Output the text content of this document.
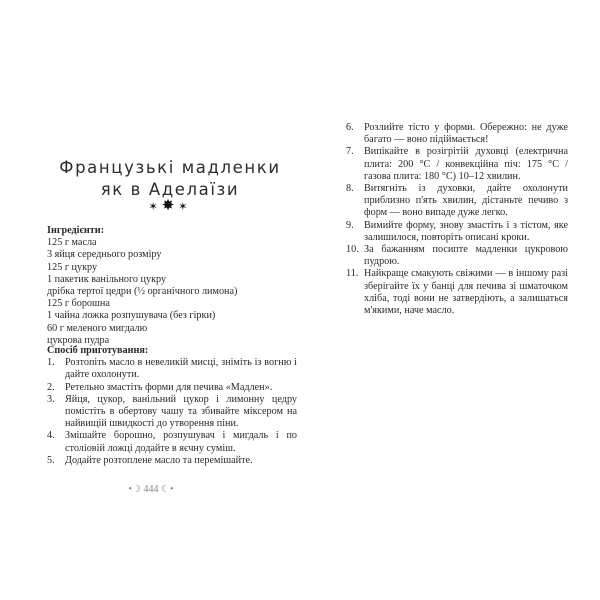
Французькі мадленки
як в Аделаїзи
✶✸✶
Інгредієнти:
125 г масла
3 яйця середнього розміру
125 г цукру
1 пакетик ванільного цукру
дрібка тертої цедри (½ органічного лимона)
125 г борошна
1 чайна ложка розпушувача (без гірки)
60 г меленого мигдалю
цукрова пудра
Спосіб приготування:
1.	Розтопіть масло в невеликій мисці, зніміть із вогню і дайте охолонути.
2.	Ретельно змастіть форми для печива «Мадлен».
3.	Яйця, цукор, ванільний цукор і лимонну цедру помістіть в обертову чашу та збивайте міксером на найвищій швидкості до утворення піни.
4.	Змішайте борошно, розпушувач і мигдаль і по століовій ложці додайте в яєчну суміш.
5.	Додайте розтоплене масло та перемішайте.
•☽ 444 ☾•
6.	Розлийте тісто у форми. Обережно: не дуже багато — воно підіймається!
7.	Випікайте в розігрітій духовці (електрична плита: 200 °C / конвекційна піч: 175 °C / газова плита: 180 °C) 10–12 хвилин.
8.	Витягніть із духовки, дайте охолонути приблизно п'ять хвилин, дістаньте печиво з форм — воно випаде дуже легко.
9.	Вимийте форму, знову змастіть і з тістом, яке залишилося, повторіть описані кроки.
10. За бажанням посипте мадленки цукровою пудрою.
11. Найкраще смакують свіжими — в іншому разі зберігайте їх у банці для печива зі шматочком хліба, тоді вони не затвердіють, а залишаться м'якими, наче масло.
